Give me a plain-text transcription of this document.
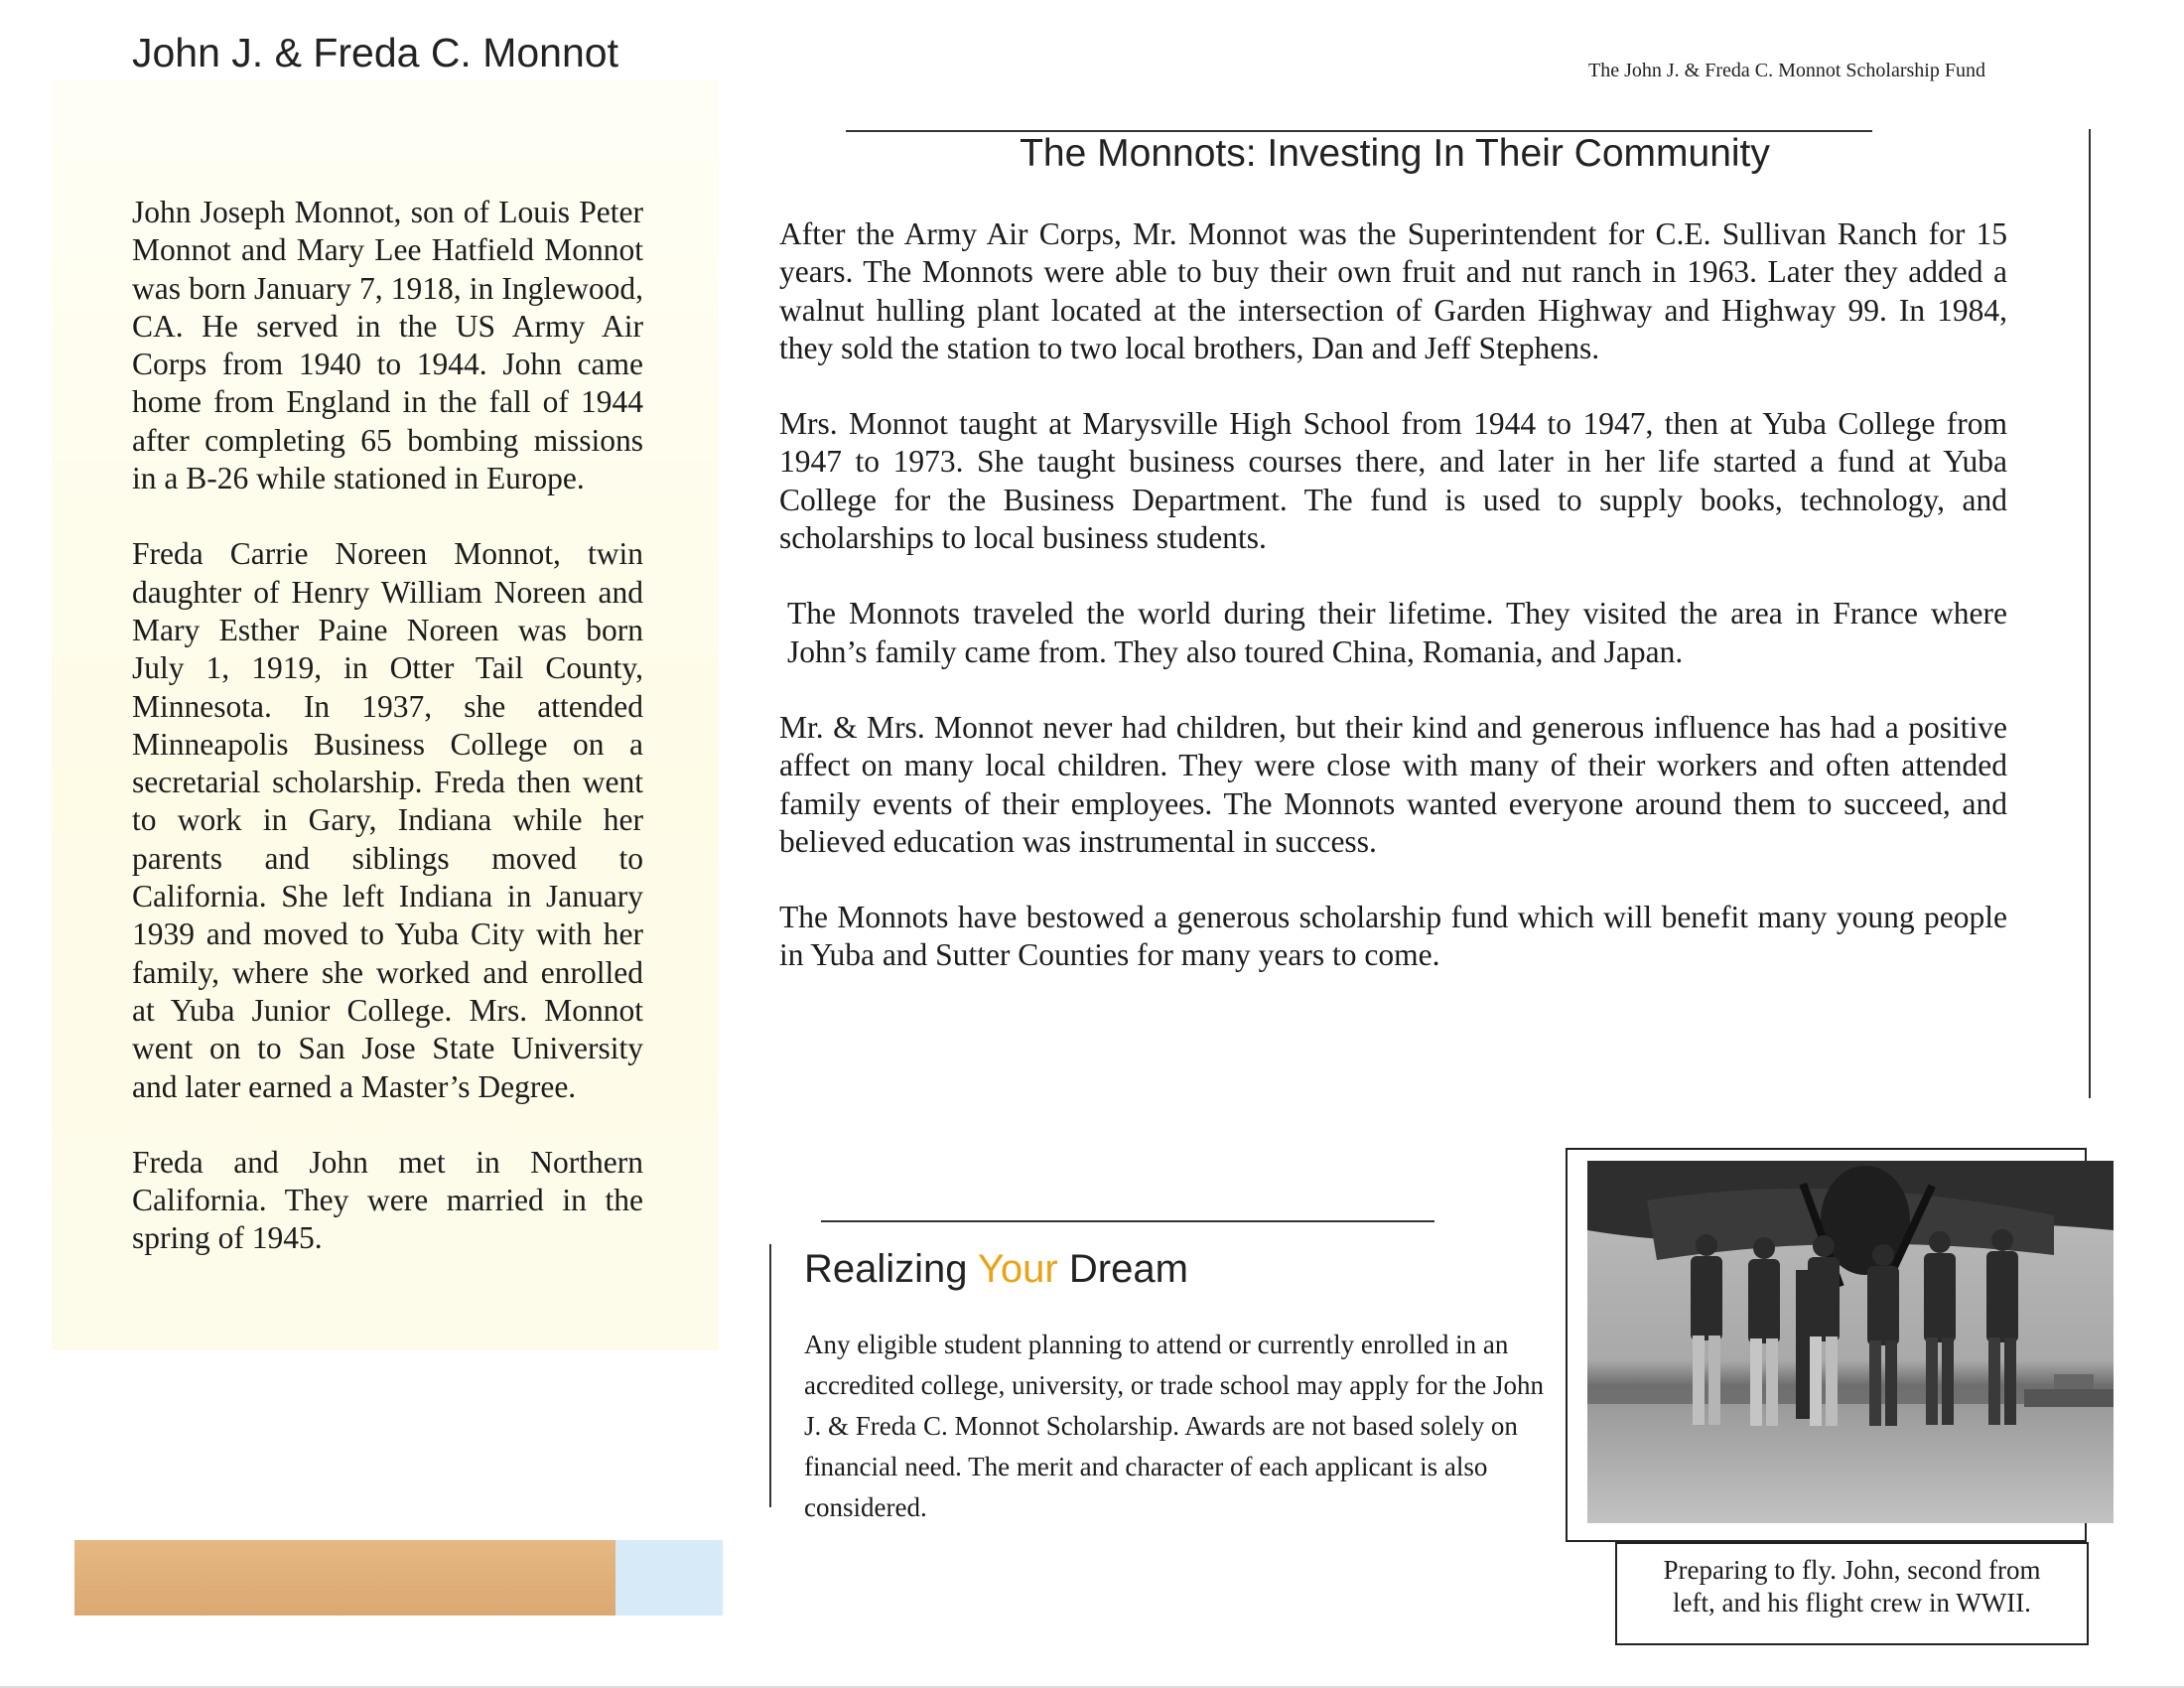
John J. & Freda C. Monnot	The John J. & Freda C. Monnot Scholarship Fund

John Joseph Monnot, son of Louis Peter Monnot and Mary Lee Hatfield Monnot was born January 7, 1918, in Inglewood, CA. He served in the US Army Air Corps from 1940 to 1944. John came home from England in the fall of 1944 after completing 65 bombing missions in a B-26 while stationed in Europe.

Freda Carrie Noreen Monnot, twin daughter of Henry William Noreen and Mary Esther Paine Noreen was born July 1, 1919, in Otter Tail County, Minnesota. In 1937, she attended Minneapolis Business College on a secretarial scholarship. Freda then went to work in Gary, Indiana while her parents and siblings moved to California. She left Indiana in January 1939 and moved to Yuba City with her family, where she worked and enrolled at Yuba Junior College. Mrs. Monnot went on to San Jose State University and later earned a Master’s Degree.

Freda and John met in Northern California. They were married in the spring of 1945.

The Monnots: Investing In Their Community

After the Army Air Corps, Mr. Monnot was the Superintendent for C.E. Sullivan Ranch for 15 years. The Monnots were able to buy their own fruit and nut ranch in 1963. Later they added a walnut hulling plant located at the intersection of Garden Highway and Highway 99. In 1984, they sold the station to two local brothers, Dan and Jeff Stephens.

Mrs. Monnot taught at Marysville High School from 1944 to 1947, then at Yuba College from 1947 to 1973. She taught business courses there, and later in her life started a fund at Yuba College for the Business Department. The fund is used to supply books, technology, and scholarships to local business students.

The Monnots traveled the world during their lifetime. They visited the area in France where John’s family came from. They also toured China, Romania, and Japan.

Mr. & Mrs. Monnot never had children, but their kind and generous influence has had a positive affect on many local children. They were close with many of their workers and often attended family events of their employees. The Monnots wanted everyone around them to succeed, and believed education was instrumental in success.

The Monnots have bestowed a generous scholarship fund which will benefit many young people in Yuba and Sutter Counties for many years to come.

Realizing Your Dream
Any eligible student planning to attend or currently enrolled in an accredited college, university, or trade school may apply for the John J. & Freda C. Monnot Scholarship. Awards are not based solely on financial need. The merit and character of each applicant is also considered.
Preparing to fly. John, second from
left, and his flight crew in WWII.
